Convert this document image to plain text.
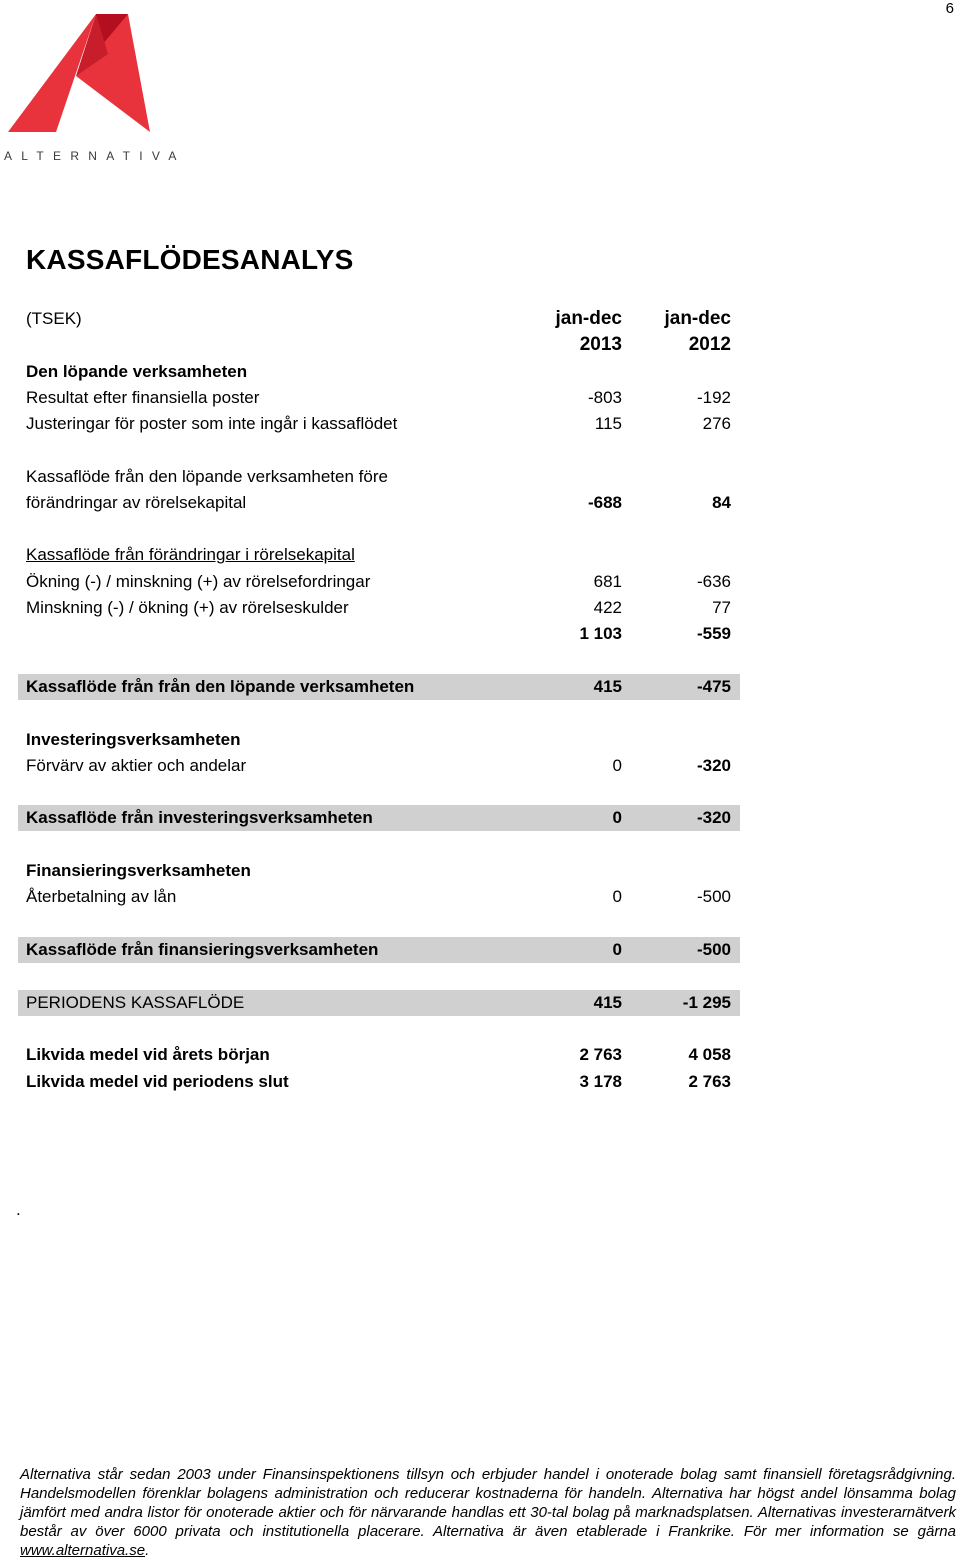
6
ALTERNATIVA
KASSAFLÖDESANALYS
(TSEK)	jan-dec jan-dec
2013	2012
Den löpande verksamheten
Resultat efter finansiella poster	-803	-192
Justeringar för poster som inte ingår i kassaflödet	115	276
Kassaflöde från den löpande verksamheten före
förändringar av rörelsekapital	-688	84
Kassaflöde från förändringar i rörelsekapital
Ökning (-) / minskning (+) av rörelsefordringar	681	-636
Minskning (-) / ökning (+) av rörelseskulder	422	77
1 103	-559
Kassaflöde från från den löpande verksamheten	415	-475
Investeringsverksamheten
Förvärv av aktier och andelar	0	-320
Kassaflöde från investeringsverksamheten	0	-320
Finansieringsverksamheten
Återbetalning av lån	0	-500
Kassaflöde från finansieringsverksamheten	0	-500
PERIODENS KASSAFLÖDE	415	-1 295
Likvida medel vid årets början	2 763	4 058
Likvida medel vid periodens slut	3 178	2 763
.
Alternativa står sedan 2003 under Finansinspektionens tillsyn och erbjuder handel i onoterade bolag samt finansiell företagsrådgivning. Handelsmodellen förenklar bolagens administration och reducerar kostnaderna för handeln. Alternativa har högst andel lönsamma bolag jämfört med andra listor för onoterade aktier och för närvarande handlas ett 30-tal bolag på marknadsplatsen. Alternativas investerarnätverk består av över 6000 privata och institutionella placerare. Alternativa är även etablerade i Frankrike. För mer information se gärna www.alternativa.se.
